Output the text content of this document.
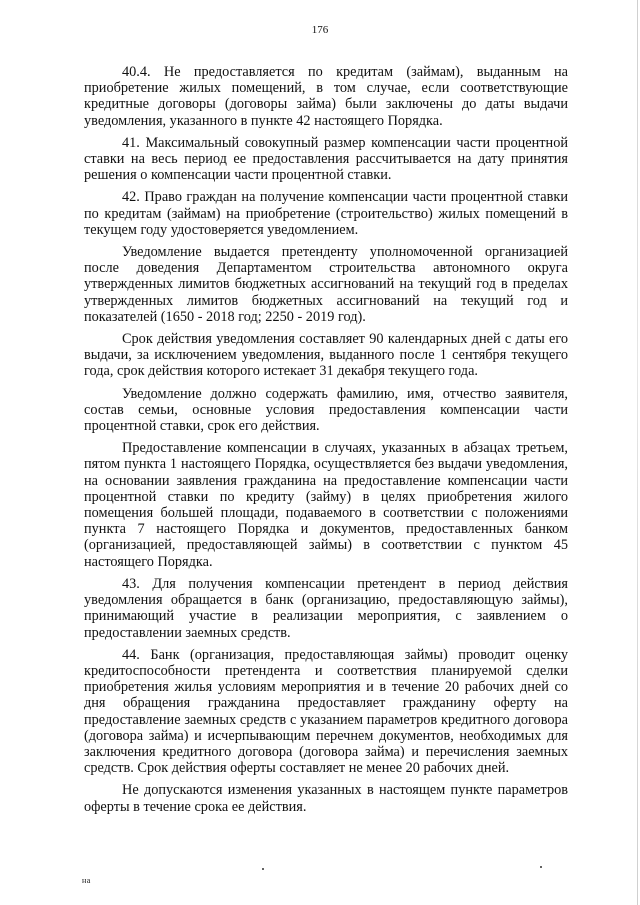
176

40.4. Не предоставляется по кредитам (займам), выданным на приобретение жилых помещений, в том случае, если соответствующие кредитные договоры (договоры займа) были заключены до даты выдачи уведомления, указанного в пункте 42 настоящего Порядка.

41. Максимальный совокупный размер компенсации части процентной ставки на весь период ее предоставления рассчитывается на дату принятия решения о компенсации части процентной ставки.

42. Право граждан на получение компенсации части процентной ставки по кредитам (займам) на приобретение (строительство) жилых помещений в текущем году удостоверяется уведомлением.

Уведомление выдается претенденту уполномоченной организацией после доведения Департаментом строительства автономного округа утвержденных лимитов бюджетных ассигнований на текущий год в пределах утвержденных лимитов бюджетных ассигнований на текущий год и показателей (1650 - 2018 год; 2250 - 2019 год).

Срок действия уведомления составляет 90 календарных дней с даты его выдачи, за исключением уведомления, выданного после 1 сентября текущего года, срок действия которого истекает 31 декабря текущего года.

Уведомление должно содержать фамилию, имя, отчество заявителя, состав семьи, основные условия предоставления компенсации части процентной ставки, срок его действия.

Предоставление компенсации в случаях, указанных в абзацах третьем, пятом пункта 1 настоящего Порядка, осуществляется без выдачи уведомления, на основании заявления гражданина на предоставление компенсации части процентной ставки по кредиту (займу) в целях приобретения жилого помещения большей площади, подаваемого в соответствии с положениями пункта 7 настоящего Порядка и документов, предоставленных банком (организацией, предоставляющей займы) в соответствии с пунктом 45 настоящего Порядка.

43. Для получения компенсации претендент в период действия уведомления обращается в банк (организацию, предоставляющую займы), принимающий участие в реализации мероприятия, с заявлением о предоставлении заемных средств.

44. Банк (организация, предоставляющая займы) проводит оценку кредитоспособности претендента и соответствия планируемой сделки приобретения жилья условиям мероприятия и в течение 20 рабочих дней со дня обращения гражданина предоставляет гражданину оферту на предоставление заемных средств с указанием параметров кредитного договора (договора займа) и исчерпывающим перечнем документов, необходимых для заключения кредитного договора (договора займа) и перечисления заемных средств. Срок действия оферты составляет не менее 20 рабочих дней.

Не допускаются изменения указанных в настоящем пункте параметров оферты в течение срока ее действия.

на
